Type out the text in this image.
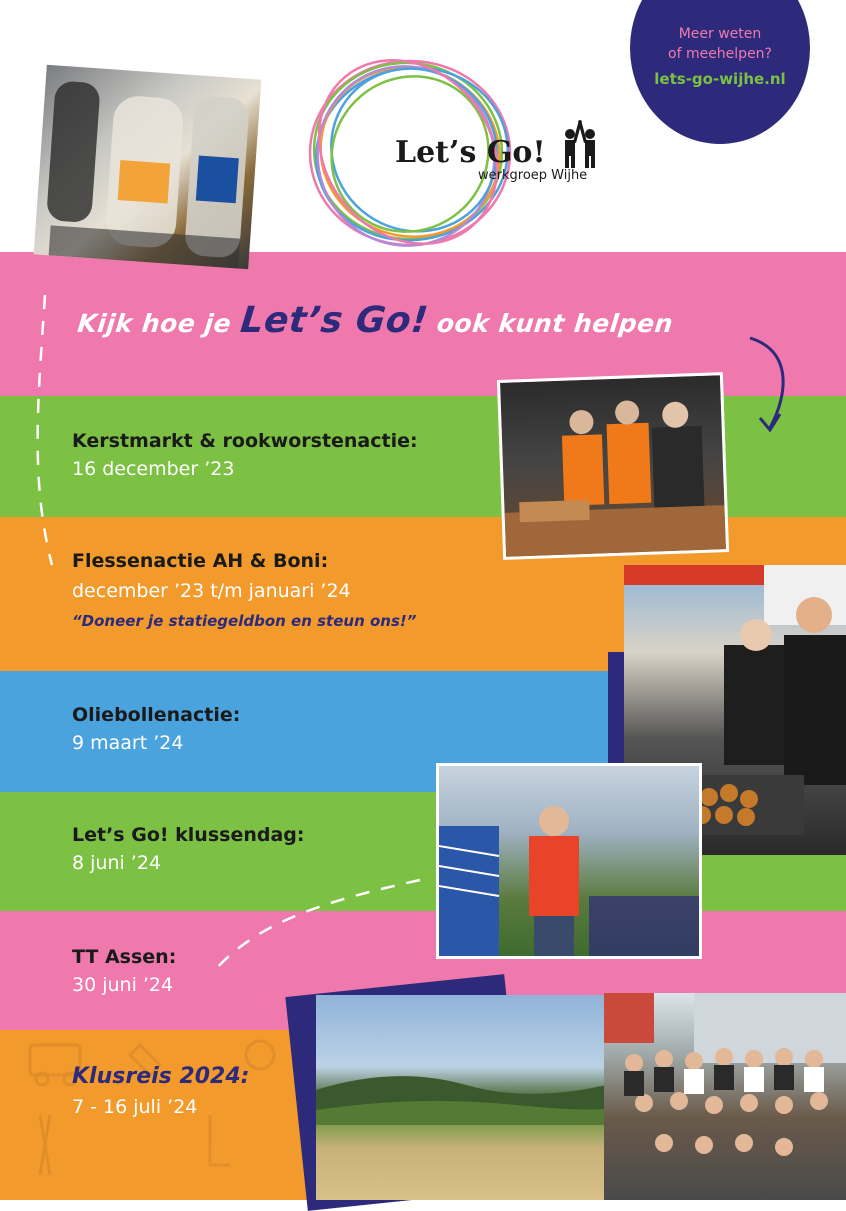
Let’s Go!
werkgroep Wijhe
Meer weten
of meehelpen?
lets-go-wijhe.nl
Kijk hoe je Let’s Go! ook kunt helpen
Kerstmarkt & rookworstenactie:
16 december ’23
Flessenactie AH & Boni:
december ’23 t/m januari ’24
“Doneer je statiegeldbon en steun ons!”
Oliebollenactie:
9 maart ’24
Let’s Go! klussendag:
8 juni ’24
TT Assen:
30 juni ’24
Klusreis 2024:
7 - 16 juli ’24
